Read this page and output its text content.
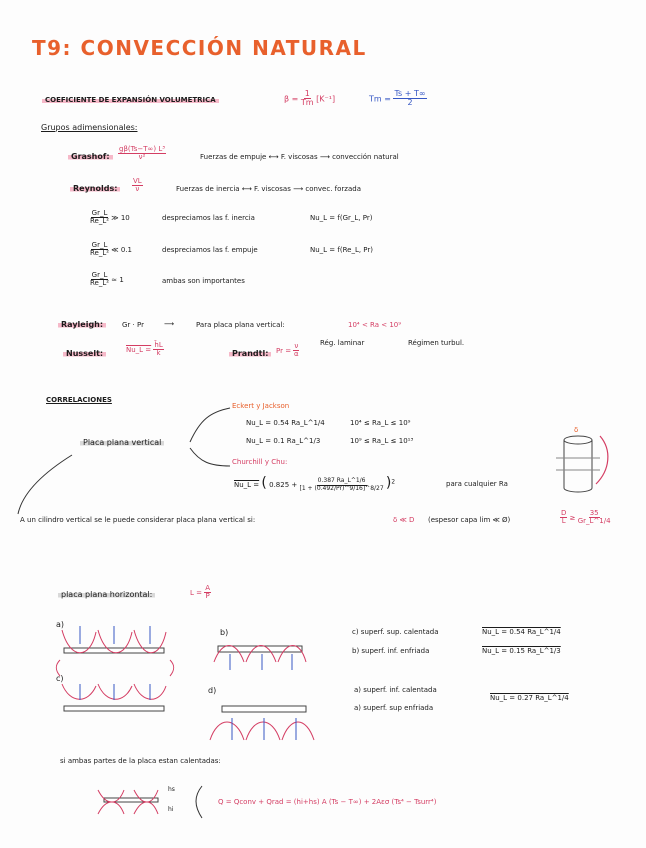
T9: CONVECCIÓN NATURAL
COEFICIENTE DE EXPANSIÓN VOLUMETRICA	$\beta = \frac{1}{Tm} [K^{-1}]$	$Tm = \frac{Ts + T\infty}{2}$
Grupos adimensionales:
Grashof:	$\frac{\text{gβ(Ts−T∞) L³}}{\text{ν²}}$	Fuerzas de empuje ⟷ F. viscosas ⟶ convección natural
Reynolds:	$\frac{VL}{\nu}$	Fuerzas de inercia ⟷ F. viscosas ⟶ convec. forzada
$\frac{Gr\_L}{\text{Re\_L²}}$ ≫ 10	despreciamos las f. inercia	Nu_L = f(Gr_L, Pr)
$\frac{Gr\_L}{\text{Re\_L²}}$ ≪ 0.1	despreciamos las f. empuje	Nu_L = f(Re_L, Pr)
$\frac{Gr\_L}{\text{Re\_L²}}$ ≃ 1	ambas son importantes
Rayleigh:	Gr · Pr	⟶	Para placa plana vertical:	10⁴ < Ra < 10⁹
Rég. laminar	Régimen turbul.
Nusselt:	Nu_L = $\frac{h̄L}{k}$	Prandtl:	$Pr = \frac{\nu}{\alpha}$
CORRELACIONES
Placa plana vertical
Eckert y Jackson
Nu_L = 0.54 Ra_L^1/4	10⁴ ≤ Ra_L ≤ 10⁹
Nu_L = 0.1 Ra_L^1/3	10⁹ ≤ Ra_L ≤ 10¹³
Churchill y Chu:
Nu_L = ( $0.825 + \frac{0.387 Ra\_L\^{}1/6}{[1 + (0.492/Pr)\^{}9/16]\^{}8/27} )^2$	para cualquier Ra
δ
A un cilindro vertical se le puede considerar placa plana vertical si:	δ ≪ D (espesor capa lim ≪ Ø)	$\frac{D}{L} \ge \frac{35}{Gr\_L\^{}1/4}$
placa plana horizontal:	$L = \frac{A}{P}$
a)
b)
c)
d)
c) superf. sup. calentada
b) superf. inf. enfriada
Nu_L = 0.54 Ra_L^1/4
Nu_L = 0.15 Ra_L^1/3
a) superf. inf. calentada
a) superf. sup enfriada
Nu_L = 0.27 Ra_L^1/4
si ambas partes de la placa estan calentadas:
hs
hi
Q = Qconv + Qrad = (hi+hs) A (Ts − T∞) + 2Aεσ (Ts⁴ − Tsurr⁴)
